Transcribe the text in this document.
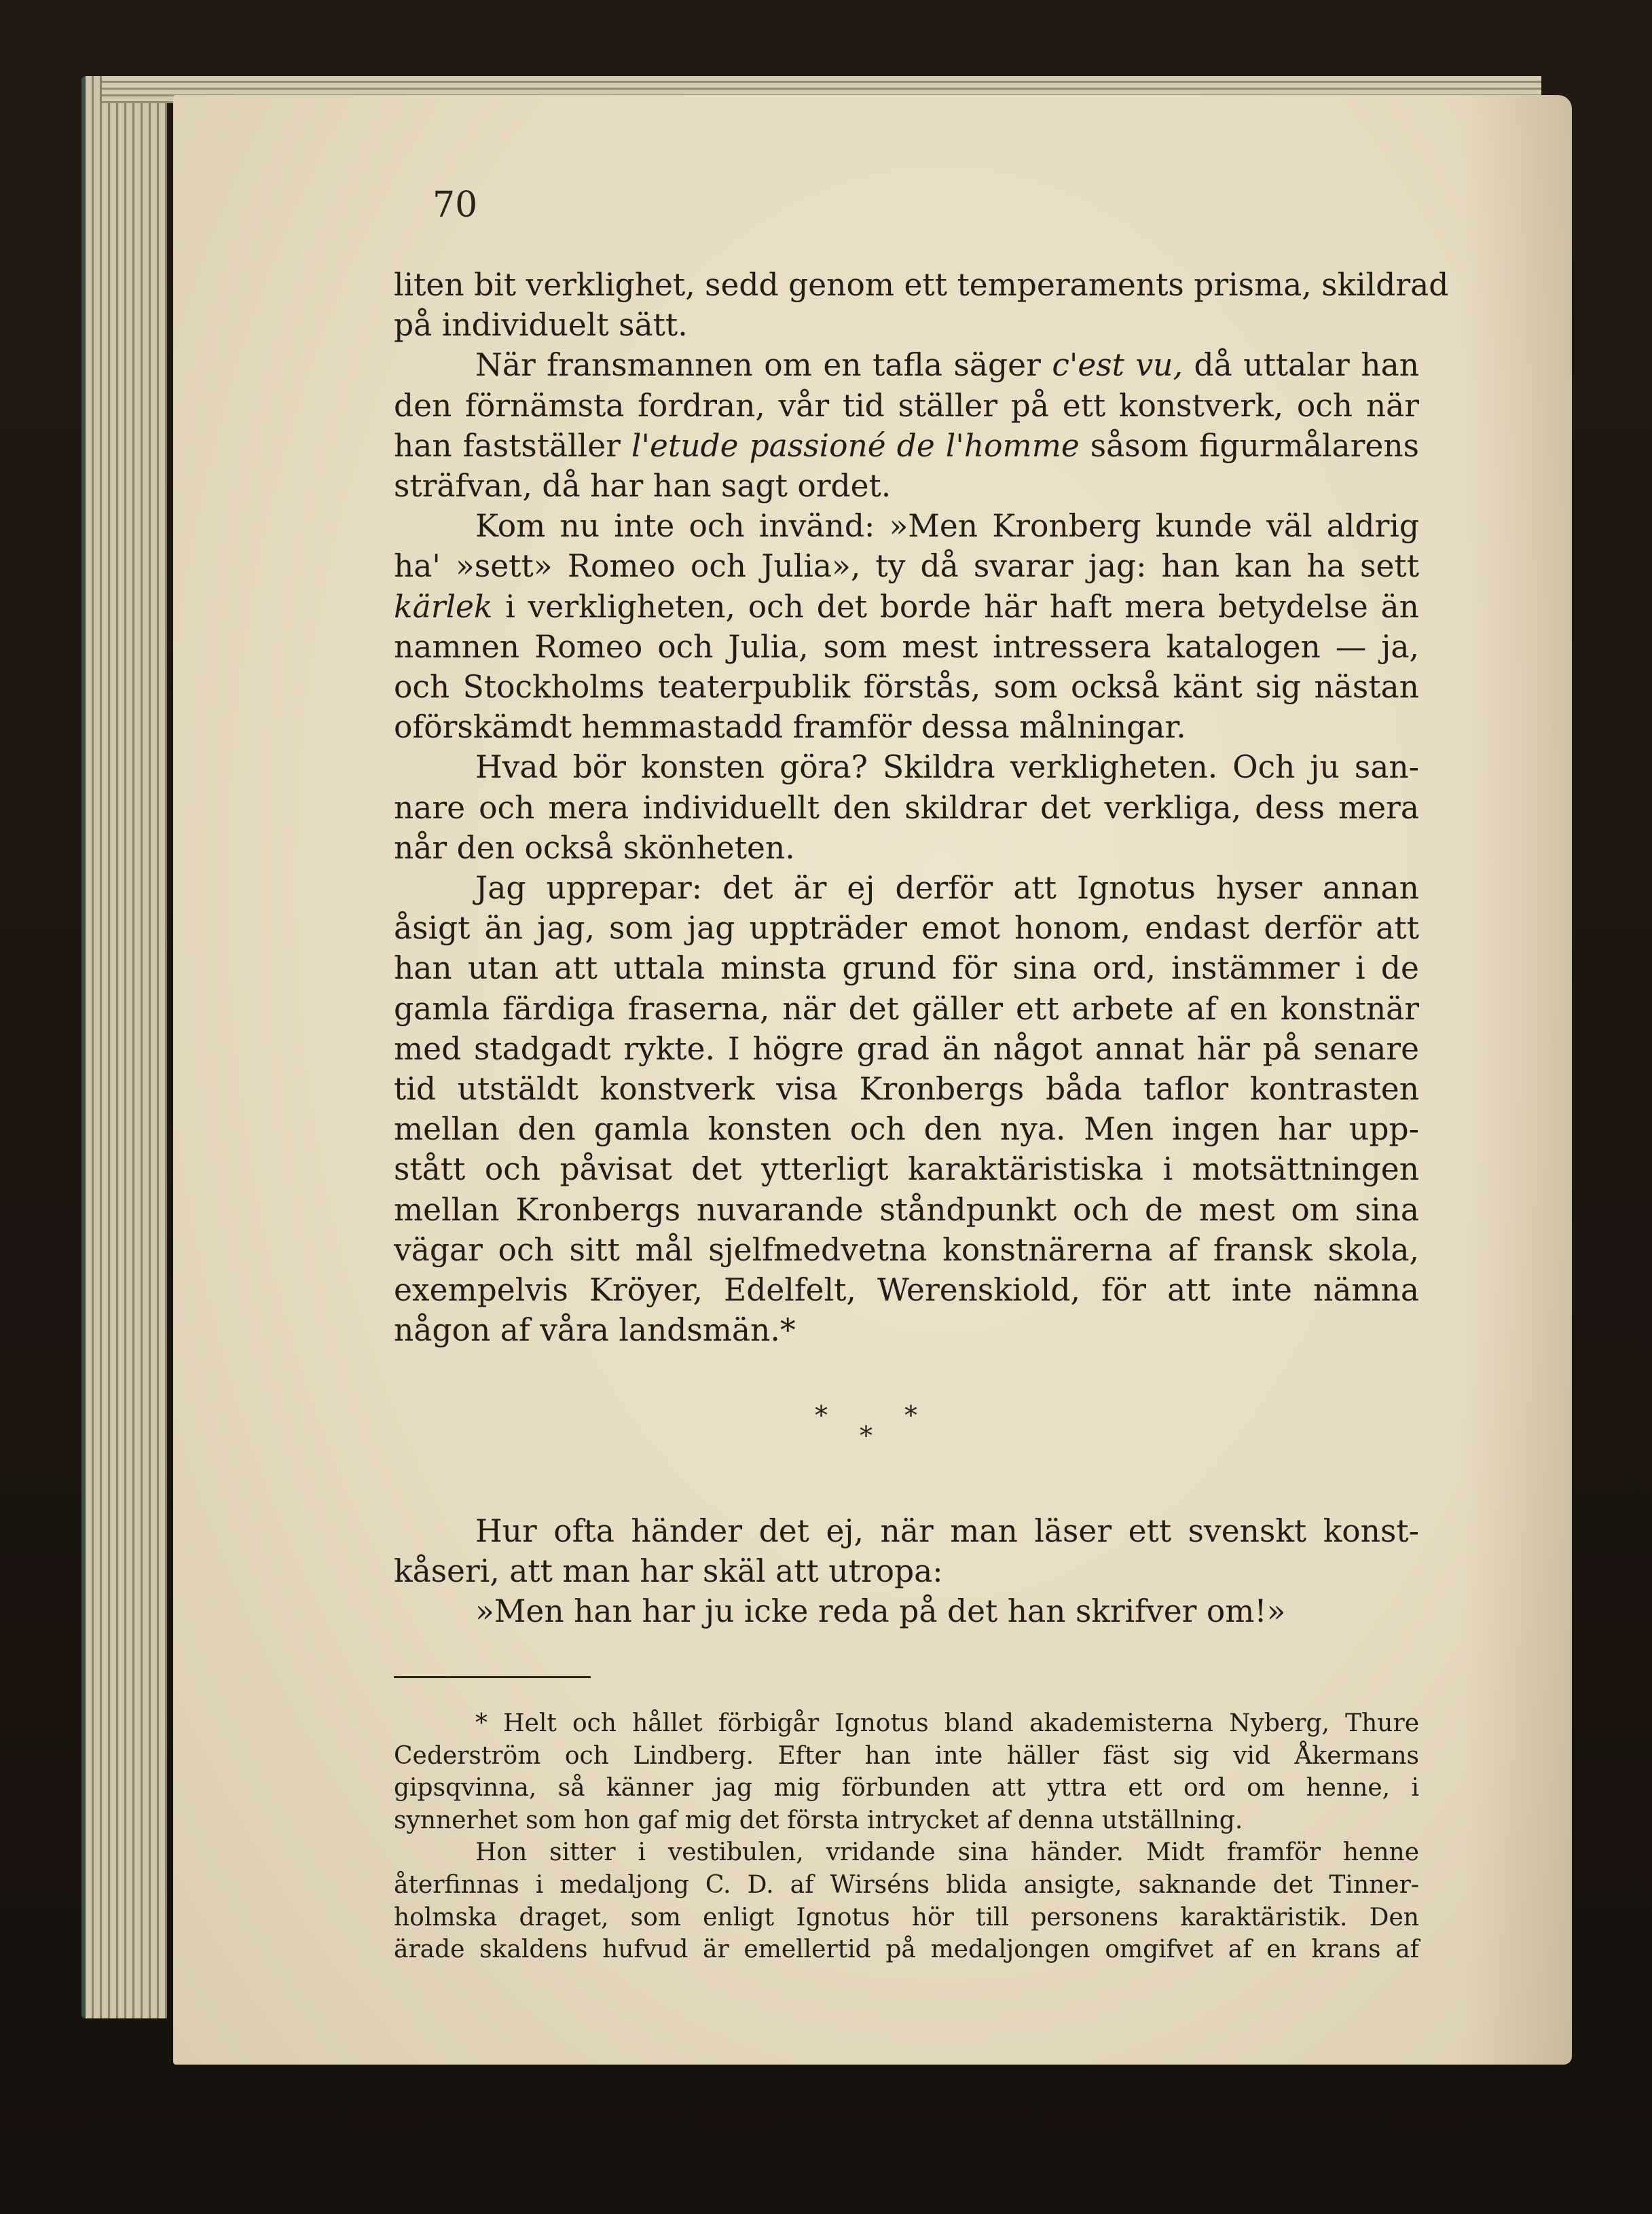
70
liten bit verklighet, sedd genom ett temperaments prisma, skildrad
på individuelt sätt.
När fransmannen om en tafla säger c'est vu, då uttalar han
den förnämsta fordran, vår tid ställer på ett konstverk, och när
han fastställer l'etude passioné de l'homme såsom figurmålarens
sträfvan, då har han sagt ordet.
Kom nu inte och invänd: »Men Kronberg kunde väl aldrig
ha' »sett» Romeo och Julia», ty då svarar jag: han kan ha sett
kärlek i verkligheten, och det borde här haft mera betydelse än
namnen Romeo och Julia, som mest intressera katalogen — ja,
och Stockholms teaterpublik förstås, som också känt sig nästan
oförskämdt hemmastadd framför dessa målningar.
Hvad bör konsten göra? Skildra verkligheten. Och ju san-
nare och mera individuellt den skildrar det verkliga, dess mera
når den också skönheten.
Jag upprepar: det är ej derför att Ignotus hyser annan
åsigt än jag, som jag uppträder emot honom, endast derför att
han utan att uttala minsta grund för sina ord, instämmer i de
gamla färdiga fraserna, när det gäller ett arbete af en konstnär
med stadgadt rykte. I högre grad än något annat här på senare
tid utstäldt konstverk visa Kronbergs båda taflor kontrasten
mellan den gamla konsten och den nya. Men ingen har upp-
stått och påvisat det ytterligt karaktäristiska i motsättningen
mellan Kronbergs nuvarande ståndpunkt och de mest om sina
vägar och sitt mål sjelfmedvetna konstnärerna af fransk skola,
exempelvis Kröyer, Edelfelt, Werenskiold, för att inte nämna
någon af våra landsmän.*
*	*
*
Hur ofta händer det ej, när man läser ett svenskt konst-
kåseri, att man har skäl att utropa:
»Men han har ju icke reda på det han skrifver om!»
* Helt och hållet förbigår Ignotus bland akademisterna Nyberg, Thure
Cederström och Lindberg. Efter han inte häller fäst sig vid Åkermans
gipsqvinna, så känner jag mig förbunden att yttra ett ord om henne, i
synnerhet som hon gaf mig det första intrycket af denna utställning.
Hon sitter i vestibulen, vridande sina händer. Midt framför henne
återfinnas i medaljong C. D. af Wirséns blida ansigte, saknande det Tinner-
holmska draget, som enligt Ignotus hör till personens karaktäristik. Den
ärade skaldens hufvud är emellertid på medaljongen omgifvet af en krans af
